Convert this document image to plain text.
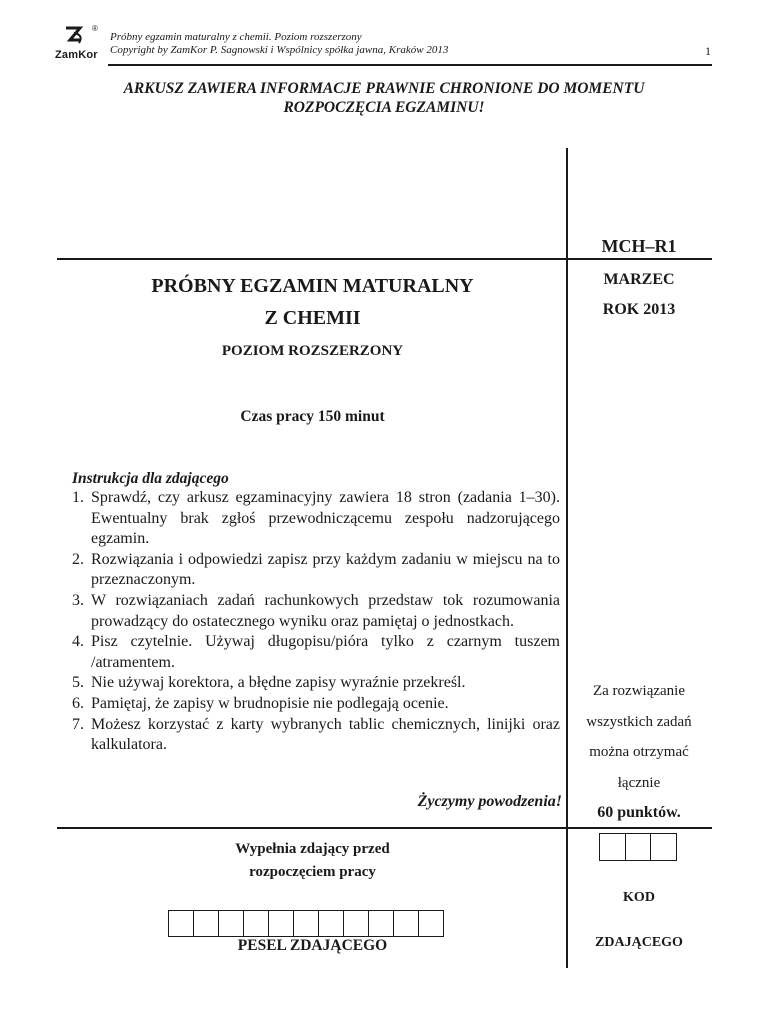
®
ZamKor
Próbny egzamin maturalny z chemii. Poziom rozszerzony
Copyright by ZamKor P. Sagnowski i Wspólnicy spółka jawna, Kraków 2013	1
ARKUSZ ZAWIERA INFORMACJE PRAWNIE CHRONIONE DO MOMENTU
ROZPOCZĘCIA EGZAMINU!
MCH–R1
MARZEC
ROK 2013
Za rozwiązanie
wszystkich zadań
można otrzymać
łącznie
60 punktów.
PRÓBNY EGZAMIN MATURALNY
Z CHEMII
POZIOM ROZSZERZONY
Czas pracy 150 minut
Instrukcja dla zdającego
1. Sprawdź, czy arkusz egzaminacyjny zawiera 18 stron (zadania 1–30). Ewentualny brak zgłoś przewodniczącemu zespołu nadzorującego egzamin.
2. Rozwiązania i odpowiedzi zapisz przy każdym zadaniu w miejscu na to przeznaczonym.
3. W rozwiązaniach zadań rachunkowych przedstaw tok rozumowania prowadzący do ostatecznego wyniku oraz pamiętaj o jednostkach.
4. Pisz czytelnie. Używaj długopisu/pióra tylko z czarnym tuszem /atramentem.
5. Nie używaj korektora, a błędne zapisy wyraźnie przekreśl.
6. Pamiętaj, że zapisy w brudnopisie nie podlegają ocenie.
7. Możesz korzystać z karty wybranych tablic chemicznych, linijki oraz kalkulatora.
Życzymy powodzenia!
Wypełnia zdający przed
rozpoczęciem pracy
PESEL ZDAJĄCEGO
KOD
ZDAJĄCEGO
